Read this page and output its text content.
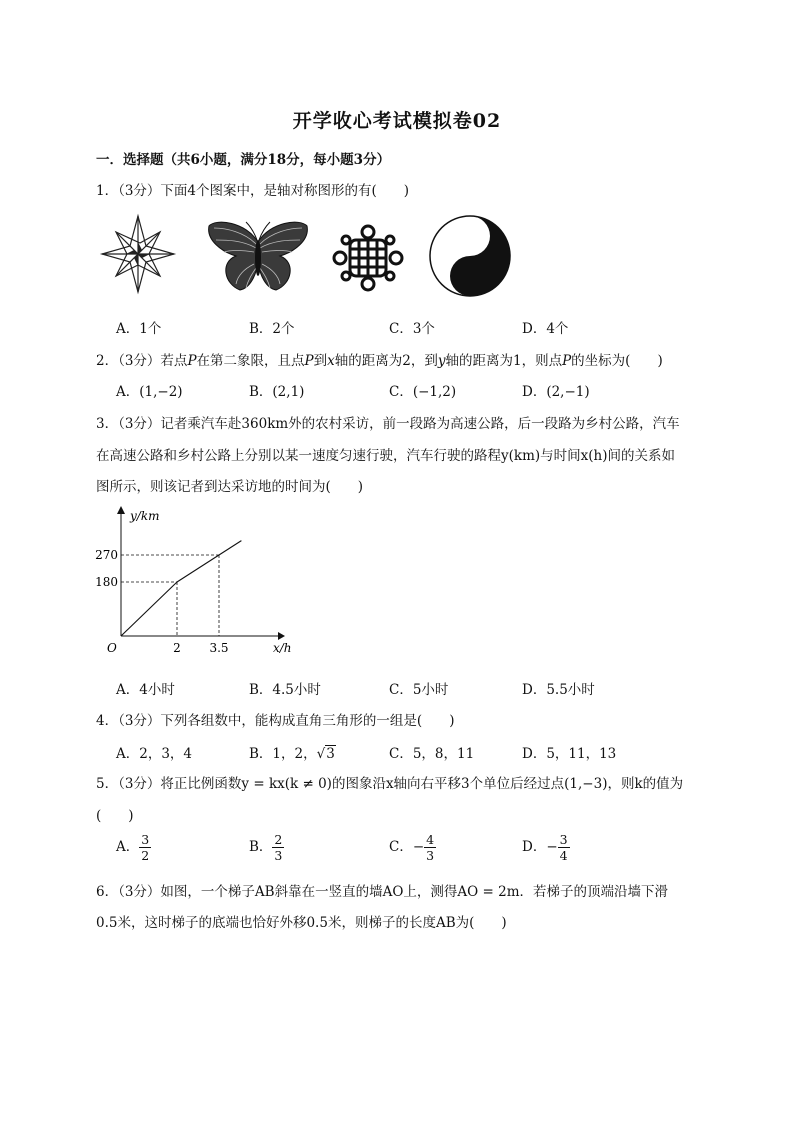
开学收心考试模拟卷02
一．选择题（共6小题，满分18分，每小题3分）
1．（3分）下面4个图案中，是轴对称图形的有(　　)
A．1个	B．2个	C．3个	D．4个
2．（3分）若点P在第二象限，且点P到x轴的距离为2，到y轴的距离为1，则点P的坐标为(　　)
A．(1,−2)	B．(2,1)	C．(−1,2)	D．(2,−1)
3．（3分）记者乘汽车赴360km外的农村采访，前一段路为高速公路，后一段路为乡村公路，汽车
在高速公路和乡村公路上分别以某一速度匀速行驶，汽车行驶的路程y(km)与时间x(h)间的关系如
图所示，则该记者到达采访地的时间为(　　)
y/km
x/h
O	2 3.5
180
270
A．4小时	B．4.5小时	C．5小时	D．5.5小时
4．（3分）下列各组数中，能构成直角三角形的一组是(　　)
A．2，3，4	B．1，2，√3	C．5，8，11	D．5，11，13
5．（3分）将正比例函数y = kx(k ≠ 0)的图象沿x轴向右平移3个单位后经过点(1,−3)，则k的值为
(　　)
A． $\frac{3}{2}$	B． $\frac{2}{3}$	C．− $\frac{4}{3}$	D．− $\frac{3}{4}$
6．（3分）如图，一个梯子AB斜靠在一竖直的墙AO上，测得AO = 2m．若梯子的顶端沿墙下滑
0.5米，这时梯子的底端也恰好外移0.5米，则梯子的长度AB为(　　)
